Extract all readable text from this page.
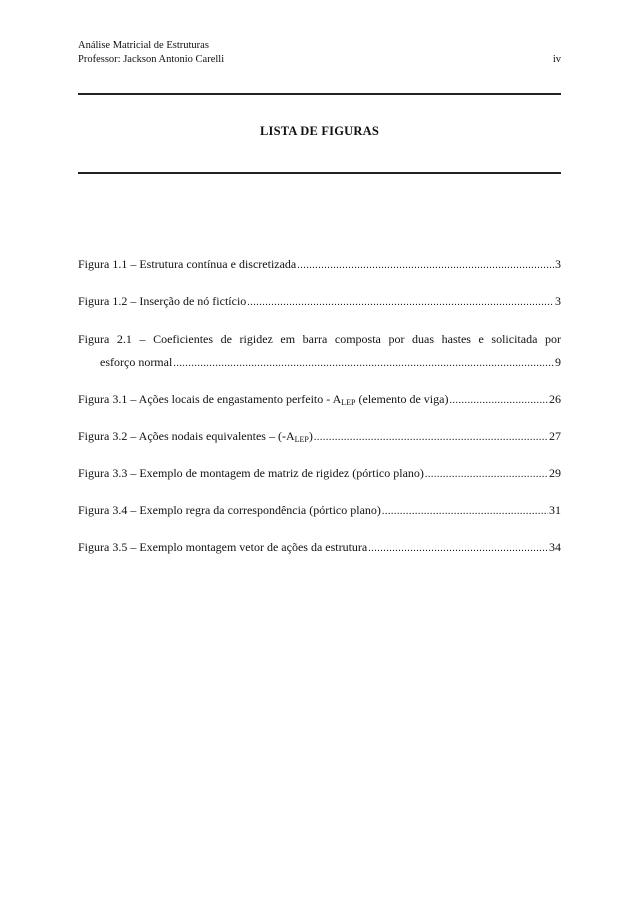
Análise Matricial de Estruturas
Professor: Jackson Antonio Carelli	iv
LISTA DE FIGURAS
Figura 1.1 – Estrutura contínua e discretizada .....	3
Figura 1.2 – Inserção de nó fictício .....	3
Figura 2.1 – Coeficientes de rigidez em barra composta por duas hastes e solicitada por
esforço normal .....	9
Figura 3.1 – Ações locais de engastamento perfeito - $A_{LEP}$ (elemento de viga) .....	26
Figura 3.2 – Ações nodais equivalentes – $(-A_{LEP})$ .....	27
Figura 3.3 – Exemplo de montagem de matriz de rigidez (pórtico plano) .....	29
Figura 3.4 – Exemplo regra da correspondência (pórtico plano) .....	31
Figura 3.5 – Exemplo montagem vetor de ações da estrutura .....	34
